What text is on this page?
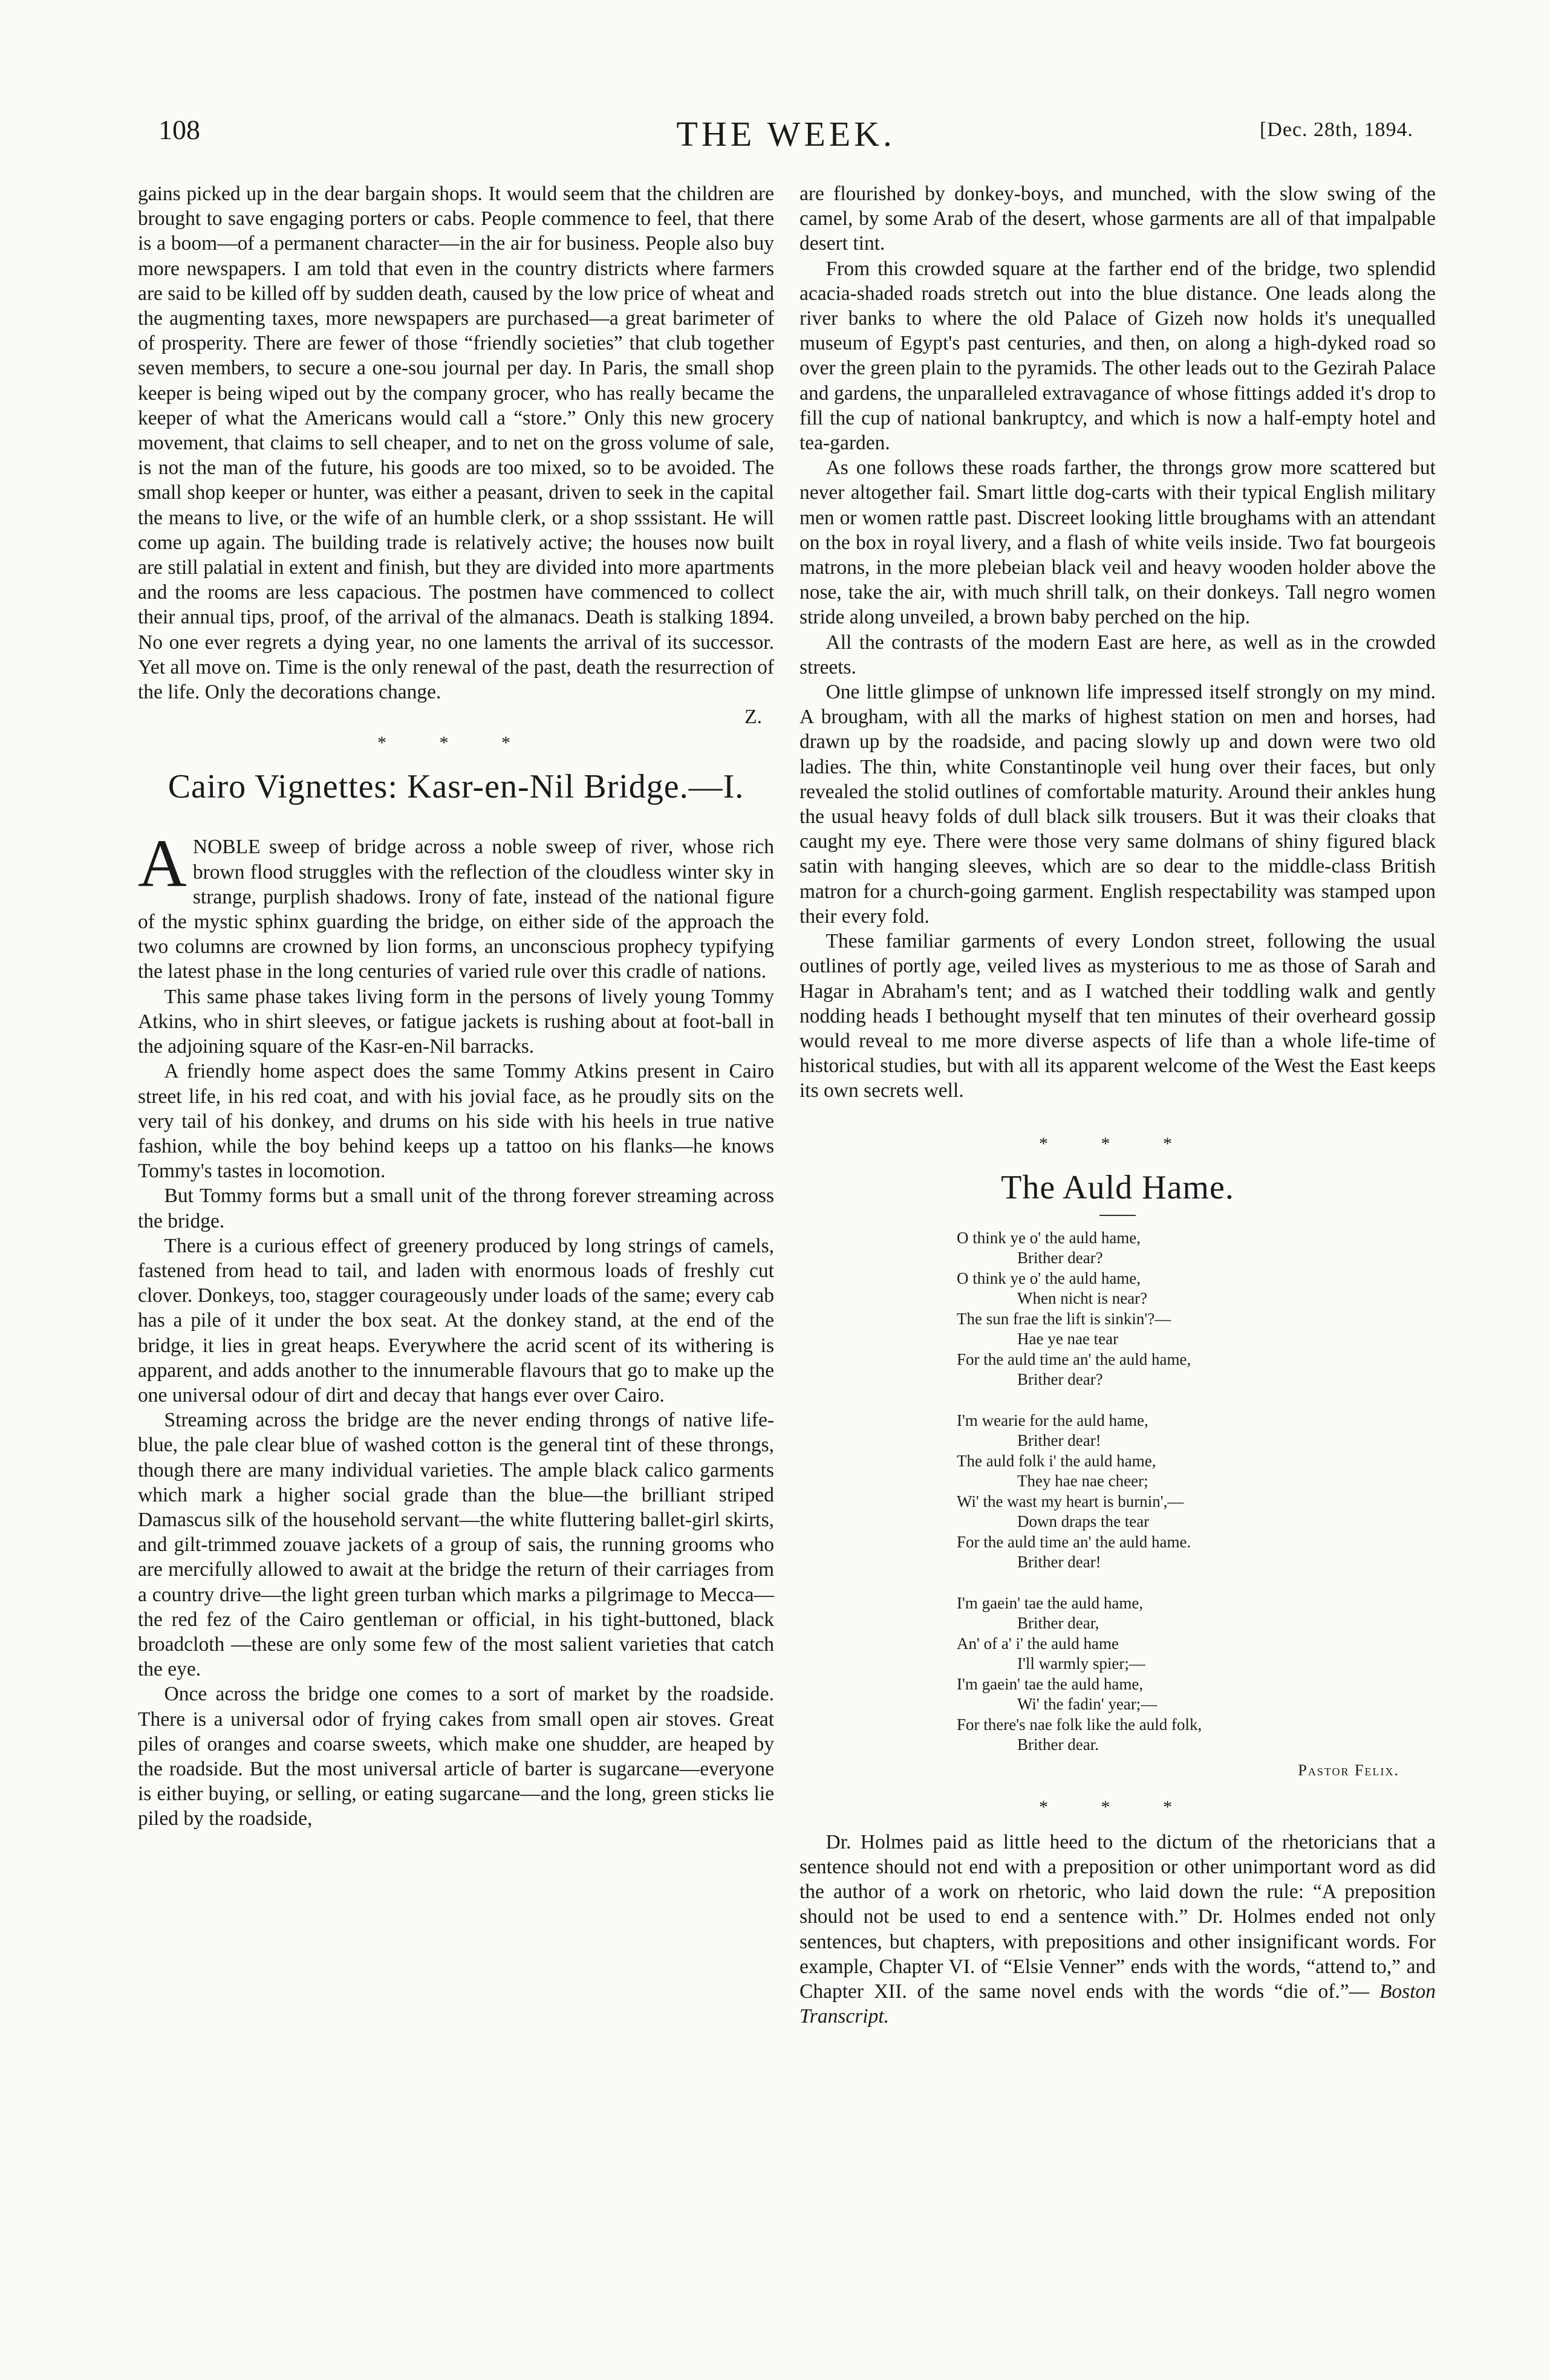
108	THE WEEK.	[Dec. 28th, 1894.

gains picked up in the dear bargain shops. It would seem that the children are brought to save engaging porters or cabs. People commence to feel, that there is a boom—of a permanent character—in the air for business. People also buy more newspapers. I am told that even in the country districts where farmers are said to be killed off by sudden death, caused by the low price of wheat and the augmenting taxes, more newspapers are purchased—a great barimeter of of prosperity. There are fewer of those “friendly societies” that club together seven members, to secure a one-sou journal per day. In Paris, the small shop keeper is being wiped out by the company grocer, who has really became the keeper of what the Americans would call a “store.” Only this new grocery movement, that claims to sell cheaper, and to net on the gross volume of sale, is not the man of the future, his goods are too mixed, so to be avoided. The small shop keeper or hunter, was either a peasant, driven to seek in the capital the means to live, or the wife of an humble clerk, or a shop sssistant. He will come up again. The building trade is relatively active; the houses now built are still palatial in extent and finish, but they are divided into more apartments and the rooms are less capacious. The postmen have commenced to collect their annual tips, proof, of the arrival of the almanacs. Death is stalking 1894. No one ever regrets a dying year, no one laments the arrival of its successor. Yet all move on. Time is the only renewal of the past, death the resurrection of the life. Only the decorations change.

Z.
* * *
Cairo Vignettes: Kasr-en-Nil Bridge.—I.

ANOBLE sweep of bridge across a noble sweep of river, whose rich brown flood struggles with the reflection of the cloudless winter sky in strange, purplish shadows. Irony of fate, instead of the national figure of the mystic sphinx guarding the bridge, on either side of the approach the two columns are crowned by lion forms, an unconscious prophecy typifying the latest phase in the long centuries of varied rule over this cradle of nations.

This same phase takes living form in the persons of lively young Tommy Atkins, who in shirt sleeves, or fatigue jackets is rushing about at foot-ball in the adjoining square of the Kasr-en-Nil barracks.

A friendly home aspect does the same Tommy Atkins present in Cairo street life, in his red coat, and with his jovial face, as he proudly sits on the very tail of his donkey, and drums on his side with his heels in true native fashion, while the boy behind keeps up a tattoo on his flanks—he knows Tommy's tastes in locomotion.

But Tommy forms but a small unit of the throng forever streaming across the bridge.

There is a curious effect of greenery produced by long strings of camels, fastened from head to tail, and laden with enormous loads of freshly cut clover. Donkeys, too, stagger courageously under loads of the same; every cab has a pile of it under the box seat. At the donkey stand, at the end of the bridge, it lies in great heaps. Everywhere the acrid scent of its withering is apparent, and adds another to the innumerable flavours that go to make up the one universal odour of dirt and decay that hangs ever over Cairo.

Streaming across the bridge are the never ending throngs of native life-blue, the pale clear blue of washed cotton is the general tint of these throngs, though there are many individual varieties. The ample black calico garments which mark a higher social grade than the blue—the brilliant striped Damascus silk of the household servant—the white fluttering ballet-girl skirts, and gilt-trimmed zouave jackets of a group of sais, the running grooms who are mercifully allowed to await at the bridge the return of their carriages from a country drive—the light green turban which marks a pilgrimage to Mecca—the red fez of the Cairo gentleman or official, in his tight-buttoned, black broadcloth —these are only some few of the most salient varieties that catch the eye.

Once across the bridge one comes to a sort of market by the roadside. There is a universal odor of frying cakes from small open air stoves. Great piles of oranges and coarse sweets, which make one shudder, are heaped by the roadside. But the most universal article of barter is sugarcane—everyone is either buying, or selling, or eating sugarcane—and the long, green sticks lie piled by the roadside,

are flourished by donkey-boys, and munched, with the slow swing of the camel, by some Arab of the desert, whose garments are all of that impalpable desert tint.

From this crowded square at the farther end of the bridge, two splendid acacia-shaded roads stretch out into the blue distance. One leads along the river banks to where the old Palace of Gizeh now holds it's unequalled museum of Egypt's past centuries, and then, on along a high-dyked road so over the green plain to the pyramids. The other leads out to the Gezirah Palace and gardens, the unparalleled extravagance of whose fittings added it's drop to fill the cup of national bankruptcy, and which is now a half-empty hotel and tea-garden.

As one follows these roads farther, the throngs grow more scattered but never altogether fail. Smart little dog-carts with their typical English military men or women rattle past. Discreet looking little broughams with an attendant on the box in royal livery, and a flash of white veils inside. Two fat bourgeois matrons, in the more plebeian black veil and heavy wooden holder above the nose, take the air, with much shrill talk, on their donkeys. Tall negro women stride along unveiled, a brown baby perched on the hip.

All the contrasts of the modern East are here, as well as in the crowded streets.

One little glimpse of unknown life impressed itself strongly on my mind. A brougham, with all the marks of highest station on men and horses, had drawn up by the roadside, and pacing slowly up and down were two old ladies. The thin, white Constantinople veil hung over their faces, but only revealed the stolid outlines of comfortable maturity. Around their ankles hung the usual heavy folds of dull black silk trousers. But it was their cloaks that caught my eye. There were those very same dolmans of shiny figured black satin with hanging sleeves, which are so dear to the middle-class British matron for a church-going garment. English respectability was stamped upon their every fold.

These familiar garments of every London street, following the usual outlines of portly age, veiled lives as mysterious to me as those of Sarah and Hagar in Abraham's tent; and as I watched their toddling walk and gently nodding heads I bethought myself that ten minutes of their overheard gossip would reveal to me more diverse aspects of life than a whole life-time of historical studies, but with all its apparent welcome of the West the East keeps its own secrets well.

* * *
The Auld Hame.
O think ye o' the auld hame,
Brither dear?
O think ye o' the auld hame,
When nicht is near?
The sun frae the lift is sinkin'?—
Hae ye nae tear
For the auld time an' the auld hame,
Brither dear?
I'm wearie for the auld hame,
Brither dear!
The auld folk i' the auld hame,
They hae nae cheer;
Wi' the wast my heart is burnin',—
Down draps the tear
For the auld time an' the auld hame.
Brither dear!
I'm gaein' tae the auld hame,
Brither dear,
An' of a' i' the auld hame
I'll warmly spier;—
I'm gaein' tae the auld hame,
Wi' the fadin' year;—
For there's nae folk like the auld folk,
Brither dear.
Pastor Felix.
* * *

Dr. Holmes paid as little heed to the dictum of the rhetoricians that a sentence should not end with a preposition or other unimportant word as did the author of a work on rhetoric, who laid down the rule: “A preposition should not be used to end a sentence with.” Dr. Holmes ended not only sentences, but chapters, with prepositions and other insignificant words. For example, Chapter VI. of “Elsie Venner” ends with the words, “attend to,” and Chapter XII. of the same novel ends with the words “die of.”— Boston Transcript.
